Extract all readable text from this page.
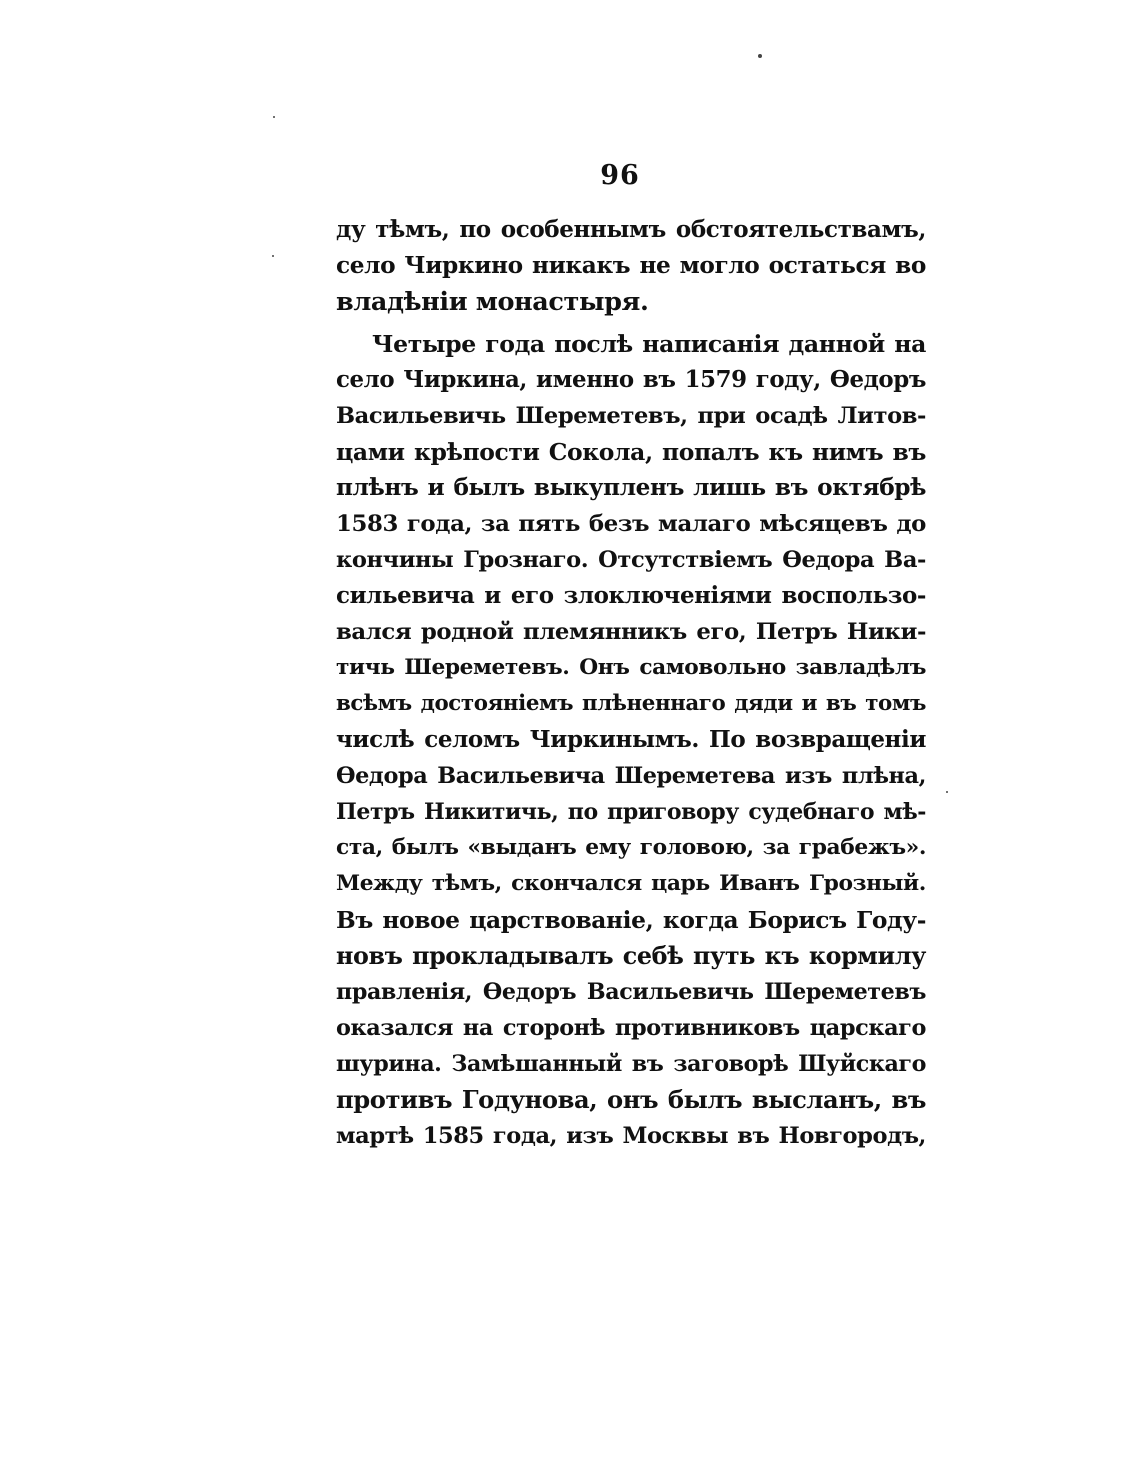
96
ду тѣмъ, по особеннымъ обстоятельствамъ,
село Чиркино никакъ не могло остаться во
владѣніи монастыря.
Четыре года послѣ написанія данной на
село Чиркина, именно въ 1579 году, Ѳедоръ
Васильевичь Шереметевъ, при осадѣ Литов-
цами крѣпости Сокола, попалъ къ нимъ въ
плѣнъ и былъ выкупленъ лишь въ октябрѣ
1583 года, за пять безъ малаго мѣсяцевъ до
кончины Грознаго. Отсутствіемъ Ѳедора Ва-
сильевича и его злоключеніями воспользо-
вался родной племянникъ его, Петръ Ники-
тичь Шереметевъ. Онъ самовольно завладѣлъ
всѣмъ достояніемъ плѣненнаго дяди и въ томъ
числѣ селомъ Чиркинымъ. По возвращеніи
Ѳедора Васильевича Шереметева изъ плѣна,
Петръ Никитичь, по приговору судебнаго мѣ-
ста, былъ «выданъ ему головою, за грабежъ».
Между тѣмъ, скончался царь Иванъ Грозный.
Въ новое царствованіе, когда Борисъ Году-
новъ прокладывалъ себѣ путь къ кормилу
правленія, Ѳедоръ Васильевичь Шереметевъ
оказался на сторонѣ противниковъ царскаго
шурина. Замѣшанный въ заговорѣ Шуйскаго
противъ Годунова, онъ былъ высланъ, въ
мартѣ 1585 года, изъ Москвы въ Новгородъ,
